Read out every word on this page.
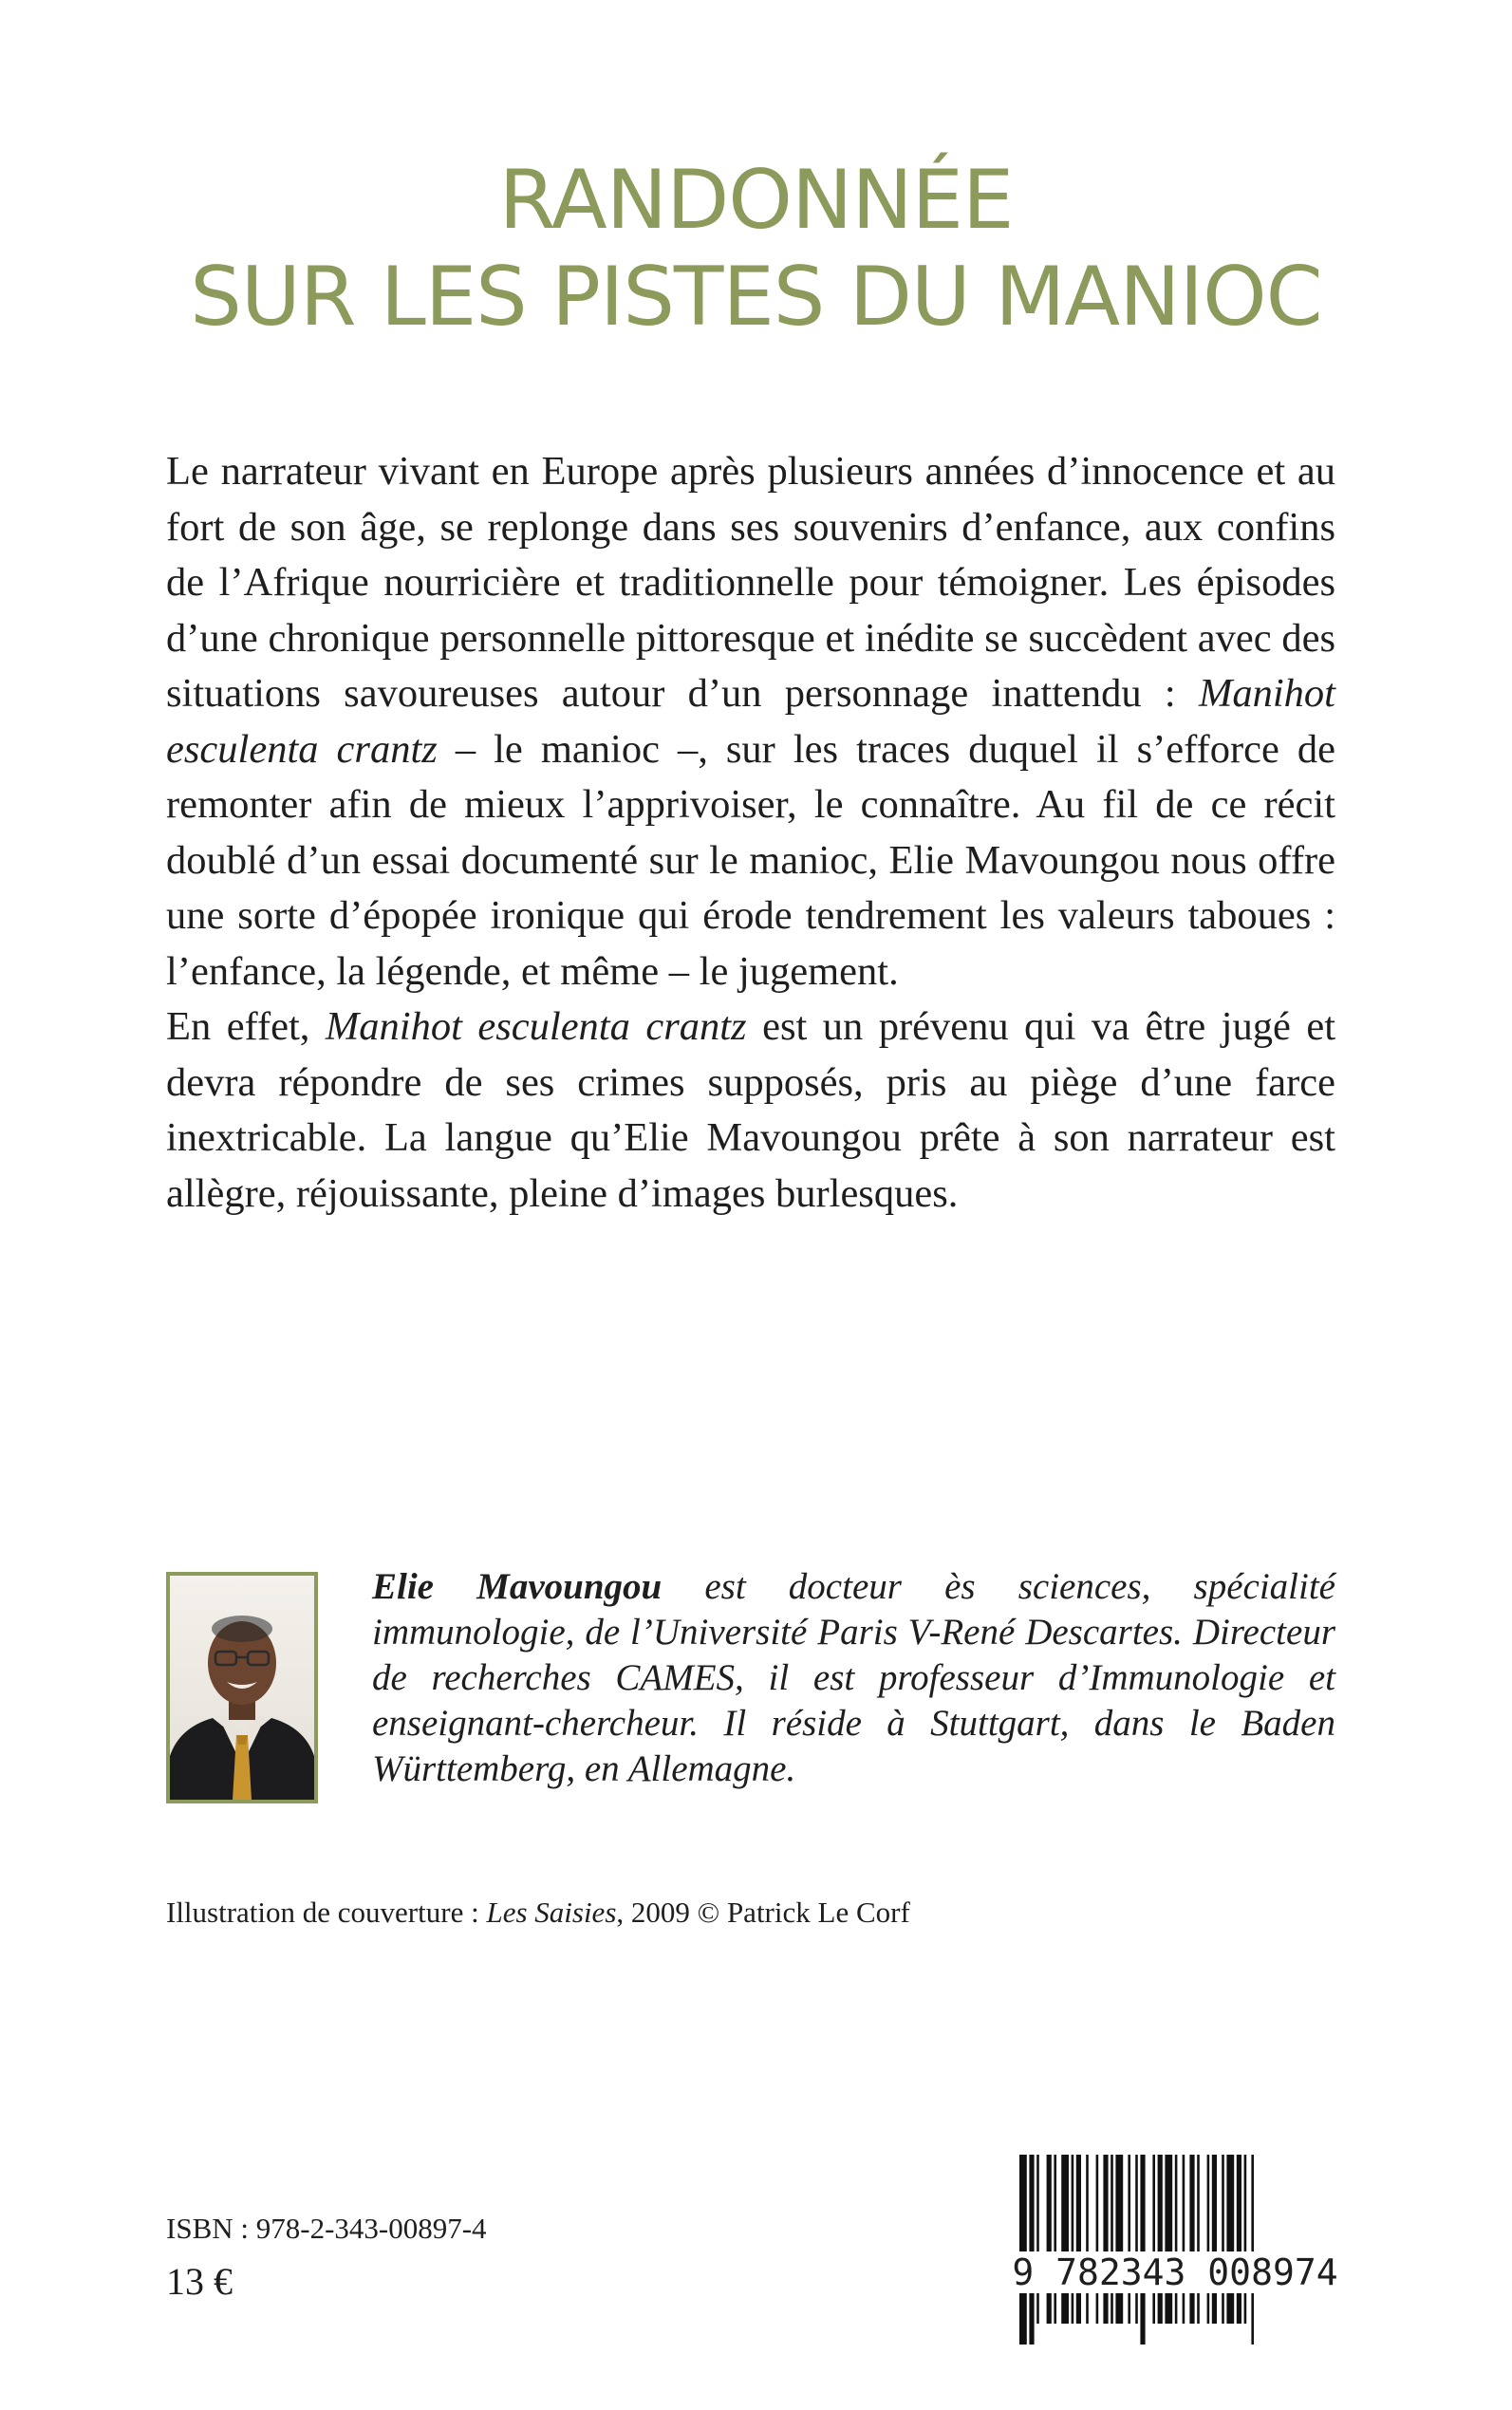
RANDONNÉE
SUR LES PISTES DU MANIOC

Le narrateur vivant en Europe après plusieurs années d’innocence et au fort de son âge, se replonge dans ses souvenirs d’enfance, aux confins de l’Afrique nourricière et traditionnelle pour témoigner. Les épisodes d’une chronique personnelle pittoresque et inédite se succèdent avec des situations savoureuses autour d’un personnage inattendu : Manihot esculenta crantz – le manioc –, sur les traces duquel il s’efforce de remonter afin de mieux l’apprivoiser, le connaître. Au fil de ce récit doublé d’un essai documenté sur le manioc, Elie Mavoungou nous offre une sorte d’épopée ironique qui érode tendrement les valeurs taboues : l’enfance, la légende, et même – le jugement.

En effet, Manihot esculenta crantz est un prévenu qui va être jugé et devra répondre de ses crimes supposés, pris au piège d’une farce inextricable. La langue qu’Elie Mavoungou prête à son narrateur est allègre, réjouissante, pleine d’images burlesques.

Elie Mavoungou est docteur ès sciences, spécialité immunologie, de l’Université Paris V-René Descartes. Directeur de recherches CAMES, il est professeur d’Immunologie et enseignant-chercheur. Il réside à Stuttgart, dans le Baden Württemberg, en Allemagne.
Illustration de couverture : Les Saisies, 2009 © Patrick Le Corf
ISBN : 978-2-343-00897-4
13 €	9 782343 008974
